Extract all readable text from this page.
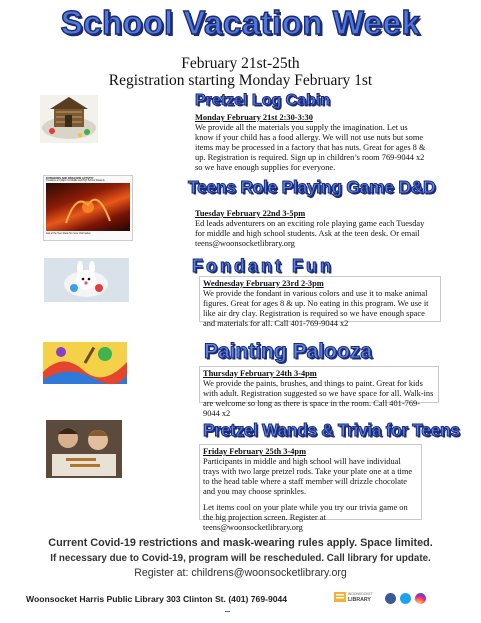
School Vacation Week
February 21st-25th
Registration starting Monday February 1st
Pretzel Log Cabin
Monday February 21st 2:30-3:30
We provide all the materials you supply the imagination. Let us know if your child has a food allergy. We will not use nuts but some items may be processed in a factory that has nuts. Great for ages 8 & up. Registration is required. Sign up in children’s room 769-9044 x2 so we have enough supplies for everyone.
DUNGEONS AND DRAGONS ACTIVITY
Tuesdays at 3:00pm for Middle and High School Students
Ask at the Teen Desk for more information
Teens Role Playing Game D&D
Tuesday February 22nd 3-5pm
Ed leads adventurers on an exciting role playing game each Tuesday for middle and high school students. Ask at the teen desk. Or email teens@woonsocketlibrary.org
Fondant Fun
Wednesday February 23rd 2-3pm
We provide the fondant in various colors and use it to make animal figures. Great for ages 8 & up. No eating in this program. We use it like air dry clay. Registration is required so we have enough space and materials for all. Call 401-769-9044 x2
Painting Palooza
Thursday February 24th 3-4pm
We provide the paints, brushes, and things to paint. Great for kids with adult. Registration suggested so we have space for all. Walk-ins are welcome so long as there is space in the room. Call 401-769-9044 x2
Pretzel Wands & Trivia for Teens
Friday February 25th 3-4pm
Participants in middle and high school will have individual trays with two large pretzel rods. Take your plate one at a time to the head table where a staff member will drizzle chocolate and you may choose sprinkles.
Let items cool on your plate while you try our trivia game on the big projection screen. Register at teens@woonsocketlibrary.org
Current Covid-19 restrictions and mask-wearing rules apply. Space limited.
If necessary due to Covid-19, program will be rescheduled. Call library for update.
Register at: childrens@woonsocketlibrary.org
Woonsocket Harris Public Library 303 Clinton St. (401) 769-9044	WOONSOCKET
LIBRARY
